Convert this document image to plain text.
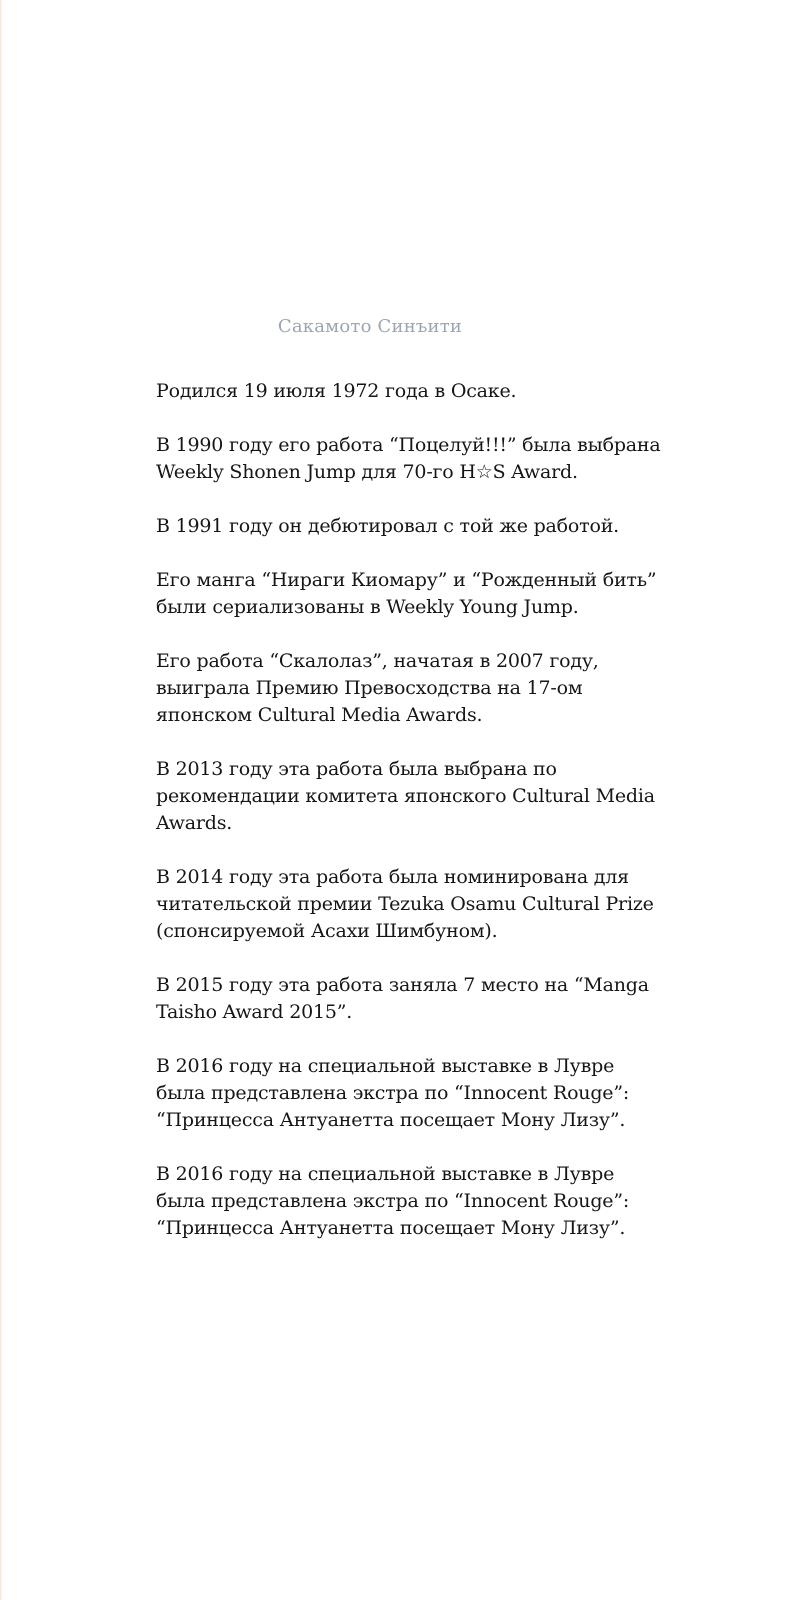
Сакамото Синъити

Родился 19 июля 1972 года в Осаке.

В 1990 году его работа “Поцелуй!!!” была выбрана
Weekly Shonen Jump для 70-го H☆S Award.

В 1991 году он дебютировал с той же работой.

Его манга “Нираги Киомару” и “Рожденный бить”
были сериализованы в Weekly Young Jump.

Его работа “Скалолаз”, начатая в 2007 году,
выиграла Премию Превосходства на 17-ом
японском Cultural Media Awards.

В 2013 году эта работа была выбрана по
рекомендации комитета японского Cultural Media
Awards.

В 2014 году эта работа была номинирована для
читательской премии Tezuka Osamu Cultural Prize
(спонсируемой Асахи Шимбуном).

В 2015 году эта работа заняла 7 место на “Manga
Taisho Award 2015”.

В 2016 году на специальной выставке в Лувре
была представлена экстра по “Innocent Rouge”:
“Принцесса Антуанетта посещает Мону Лизу”.

В 2016 году на специальной выставке в Лувре
была представлена экстра по “Innocent Rouge”:
“Принцесса Антуанетта посещает Мону Лизу”.
